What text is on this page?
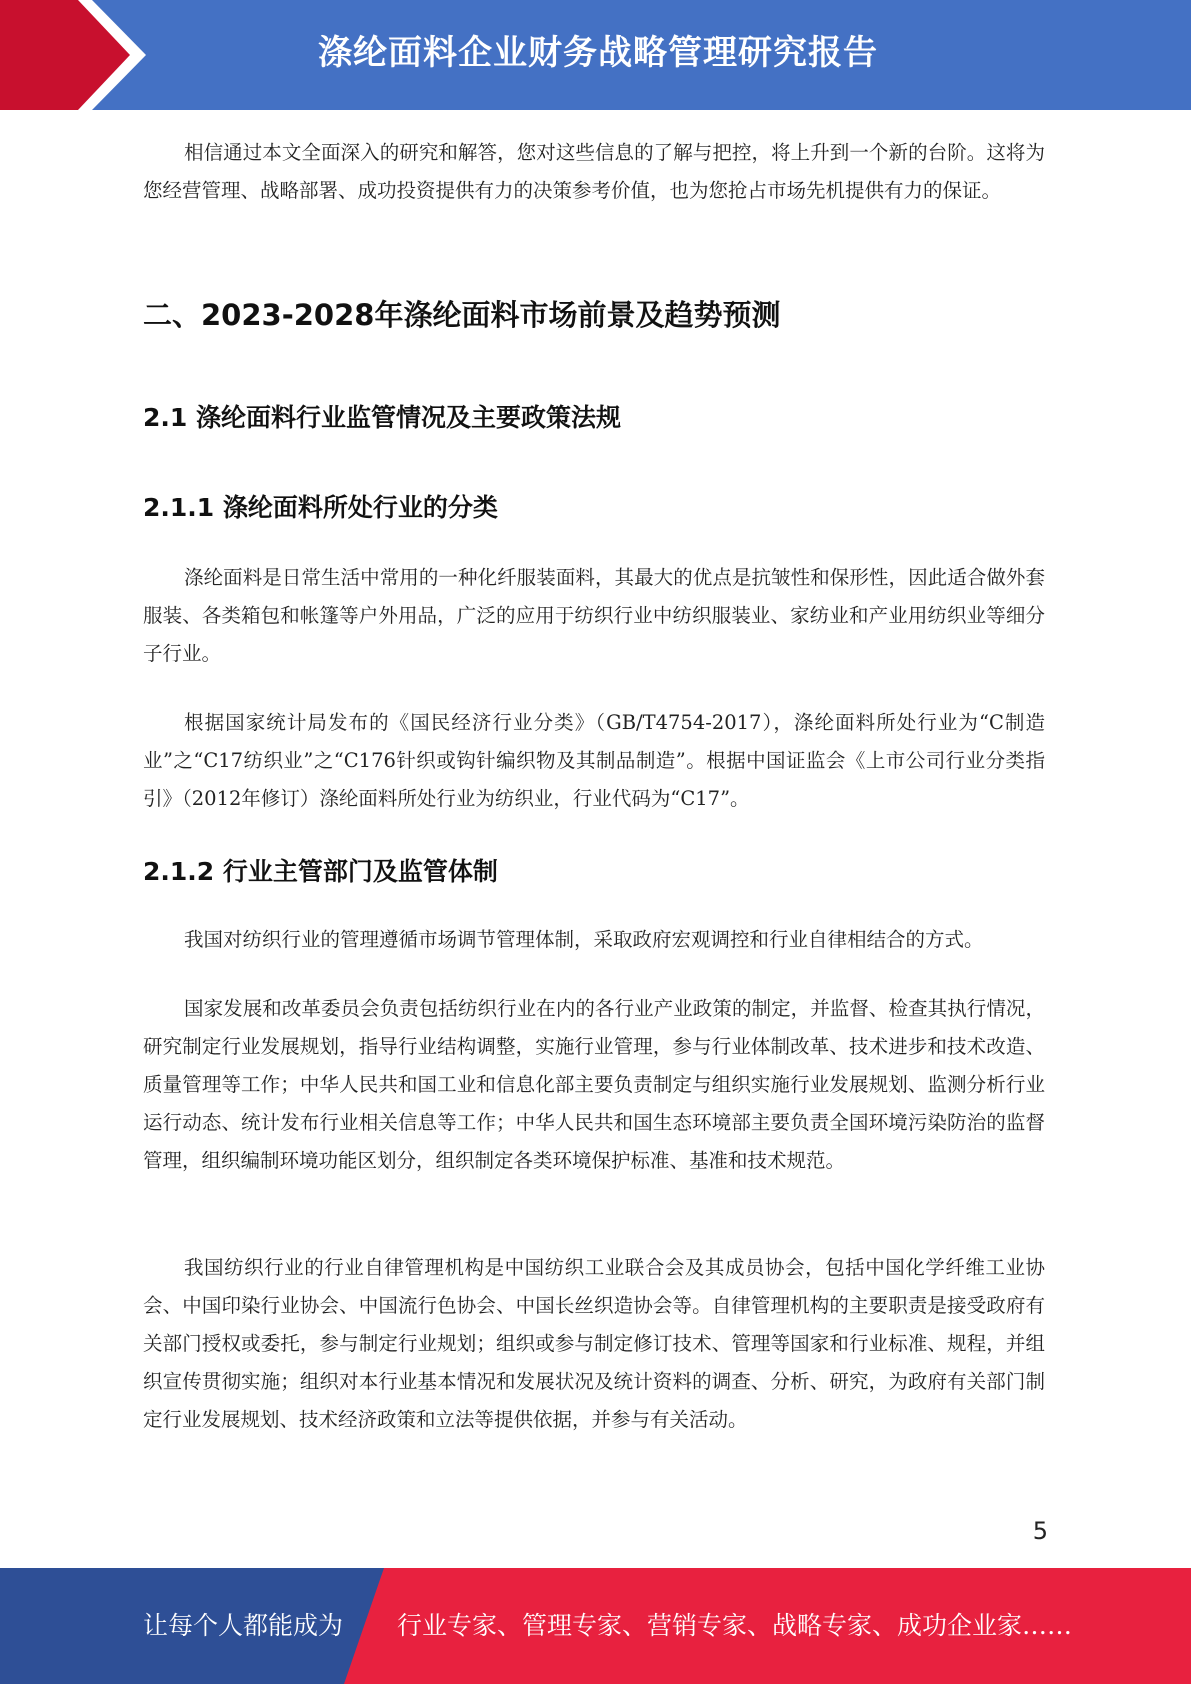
涤纶面料企业财务战略管理研究报告

相信通过本文全面深入的研究和解答，您对这些信息的了解与把控，将上升到一个新的台阶。这将为您经营管理、战略部署、成功投资提供有力的决策参考价值，也为您抢占市场先机提供有力的保证。

二、2023-2028年涤纶面料市场前景及趋势预测
2.1 涤纶面料行业监管情况及主要政策法规
2.1.1 涤纶面料所处行业的分类

涤纶面料是日常生活中常用的一种化纤服装面料，其最大的优点是抗皱性和保形性，因此适合做外套服装、各类箱包和帐篷等户外用品，广泛的应用于纺织行业中纺织服装业、家纺业和产业用纺织业等细分子行业。

根据国家统计局发布的《国民经济行业分类》（GB/T4754-2017），涤纶面料所处行业为“C制造业”之“C17纺织业”之“C176针织或钩针编织物及其制品制造”。根据中国证监会《上市公司行业分类指引》（2012年修订）涤纶面料所处行业为纺织业，行业代码为“C17”。

2.1.2 行业主管部门及监管体制

我国对纺织行业的管理遵循市场调节管理体制，采取政府宏观调控和行业自律相结合的方式。

国家发展和改革委员会负责包括纺织行业在内的各行业产业政策的制定，并监督、检查其执行情况，研究制定行业发展规划，指导行业结构调整，实施行业管理，参与行业体制改革、技术进步和技术改造、质量管理等工作；中华人民共和国工业和信息化部主要负责制定与组织实施行业发展规划、监测分析行业运行动态、统计发布行业相关信息等工作；中华人民共和国生态环境部主要负责全国环境污染防治的监督管理，组织编制环境功能区划分，组织制定各类环境保护标准、基准和技术规范。

我国纺织行业的行业自律管理机构是中国纺织工业联合会及其成员协会，包括中国化学纤维工业协会、中国印染行业协会、中国流行色协会、中国长丝织造协会等。自律管理机构的主要职责是接受政府有关部门授权或委托，参与制定行业规划；组织或参与制定修订技术、管理等国家和行业标准、规程，并组织宣传贯彻实施；组织对本行业基本情况和发展状况及统计资料的调查、分析、研究，为政府有关部门制定行业发展规划、技术经济政策和立法等提供依据，并参与有关活动。

5
让每个人都能成为 行业专家、管理专家、营销专家、战略专家、成功企业家……
